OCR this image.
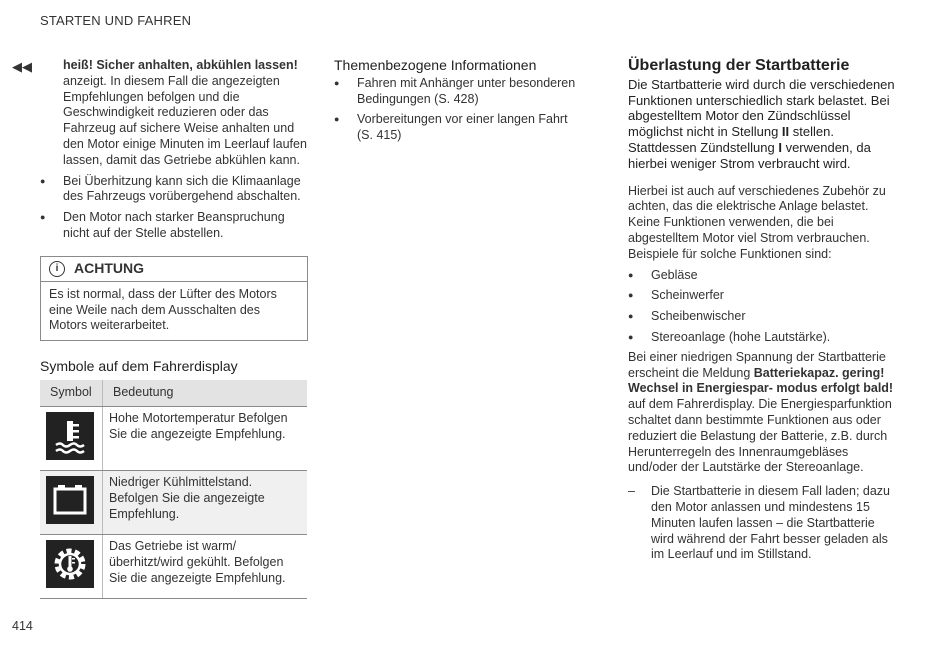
STARTEN UND FAHREN
◀◀	heiß! Sicher anhalten, abkühlen lassen! anzeigt. In diesem Fall die angezeigten Empfehlungen befolgen und die Geschwindigkeit reduzieren oder das Fahrzeug auf sichere Weise anhalten und den Motor einige Minuten im Leerlauf laufen lassen, damit das Getriebe abkühlen kann.
● Bei Überhitzung kann sich die Klimaanlage des Fahrzeugs vorübergehend abschalten.
● Den Motor nach starker Beanspruchung nicht auf der Stelle abstellen.
i	ACHTUNG
Es ist normal, dass der Lüfter des Motors eine Weile nach dem Ausschalten des Motors weiterarbeitet.
Symbole auf dem Fahrerdisplay
Symbol	Bedeutung

	Hohe Motortemperatur Befolgen Sie die angezeigte Empfehlung.

	Niedriger Kühlmittelstand. Befolgen Sie die angezeigte Empfehlung.

	Das Getriebe ist warm/überhitzt/wird gekühlt. Befolgen Sie die angezeigte Empfehlung.
Themenbezogene Informationen
● Fahren mit Anhänger unter besonderen Bedingungen (S. 428)
● Vorbereitungen vor einer langen Fahrt (S. 415)
Überlastung der Startbatterie

Die Startbatterie wird durch die verschiedenen Funktionen unterschiedlich stark belastet. Bei abgestelltem Motor den Zündschlüssel möglichst nicht in Stellung II stellen. Stattdessen Zündstellung I verwenden, da hierbei weniger Strom verbraucht wird.

Hierbei ist auch auf verschiedenes Zubehör zu achten, das die elektrische Anlage belastet. Keine Funktionen verwenden, die bei abgestelltem Motor viel Strom verbrauchen. Beispiele für solche Funktionen sind:

● Gebläse
● Scheinwerfer
● Scheibenwischer
● Stereoanlage (hohe Lautstärke).

Bei einer niedrigen Spannung der Startbatterie erscheint die Meldung Batteriekapaz. gering! Wechsel in Energiespar- modus erfolgt bald! auf dem Fahrerdisplay. Die Energiesparfunktion schaltet dann bestimmte Funktionen aus oder reduziert die Belastung der Batterie, z.B. durch Herunterregeln des Innenraumgebläses und/oder der Lautstärke der Stereoanlage.

– Die Startbatterie in diesem Fall laden; dazu den Motor anlassen und mindestens 15 Minuten laufen lassen – die Startbatterie wird während der Fahrt besser geladen als im Leerlauf und im Stillstand.
414
